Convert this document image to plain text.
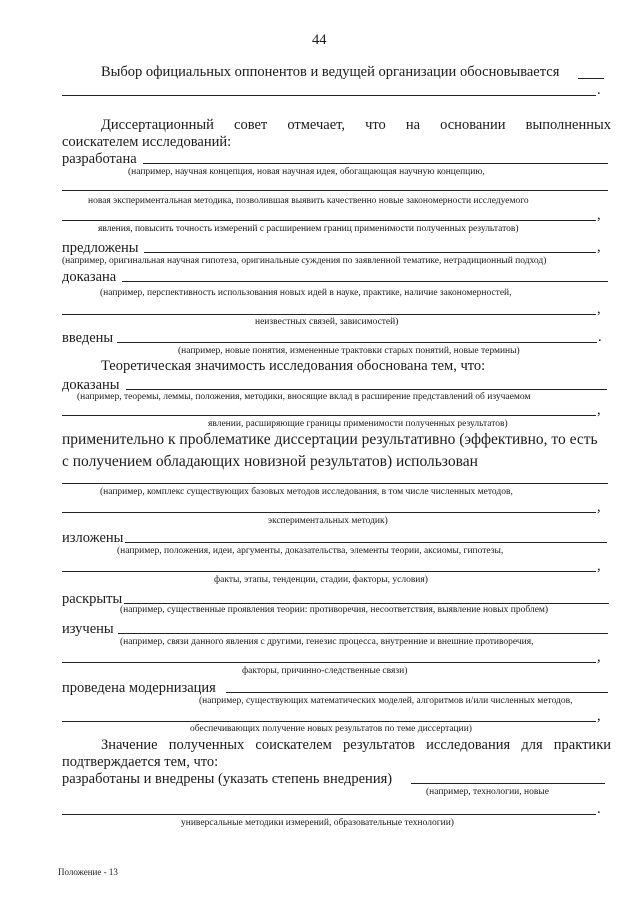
44
Выбор официальных оппонентов и ведущей организации обосновывается
.
Диссертационный совет отмечает, что на основании выполненных
соискателем исследований:
разработана
(например, научная концепция, новая научная идея, обогащающая научную концепцию,
новая экспериментальная методика, позволившая выявить качественно новые закономерности исследуемого
,
явления, повысить точность измерений с расширением границ применимости полученных результатов)
предложены	,
(например, оригинальная научная гипотеза, оригинальные суждения по заявленной тематике, нетрадиционный подход)
доказана
(например, перспективность использования новых идей в науке, практике, наличие закономерностей,
,
неизвестных связей, зависимостей)
введены	.
(например, новые понятия, измененные трактовки старых понятий, новые термины)
Теоретическая значимость исследования обоснована тем, что:
доказаны
(например, теоремы, леммы, положения, методики, вносящие вклад в расширение представлений об изучаемом
,
явлении, расширяющие границы применимости полученных результатов)
применительно к проблематике диссертации результативно (эффективно, то есть
с получением обладающих новизной результатов) использован
(например, комплекс существующих базовых методов исследования, в том числе численных методов,
,
экспериментальных методик)
изложены
(например, положения, идеи, аргументы, доказательства, элементы теории, аксиомы, гипотезы,
,
факты, этапы, тенденции, стадии, факторы, условия)
раскрыты
(например, существенные проявления теории: противоречия, несоответствия, выявление новых проблем)
изучены
(например, связи данного явления с другими, генезис процесса, внутренние и внешние противоречия,
,
факторы, причинно-следственные связи)
проведена модернизация
(например, существующих математических моделей, алгоритмов и/или численных методов,
,
обеспечивающих получение новых результатов по теме диссертации)
Значение полученных соискателем результатов исследования для практики
подтверждается тем, что:
разработаны и внедрены (указать степень внедрения)
(например, технологии, новые
.
универсальные методики измерений, образовательные технологии)
Положение - 13
